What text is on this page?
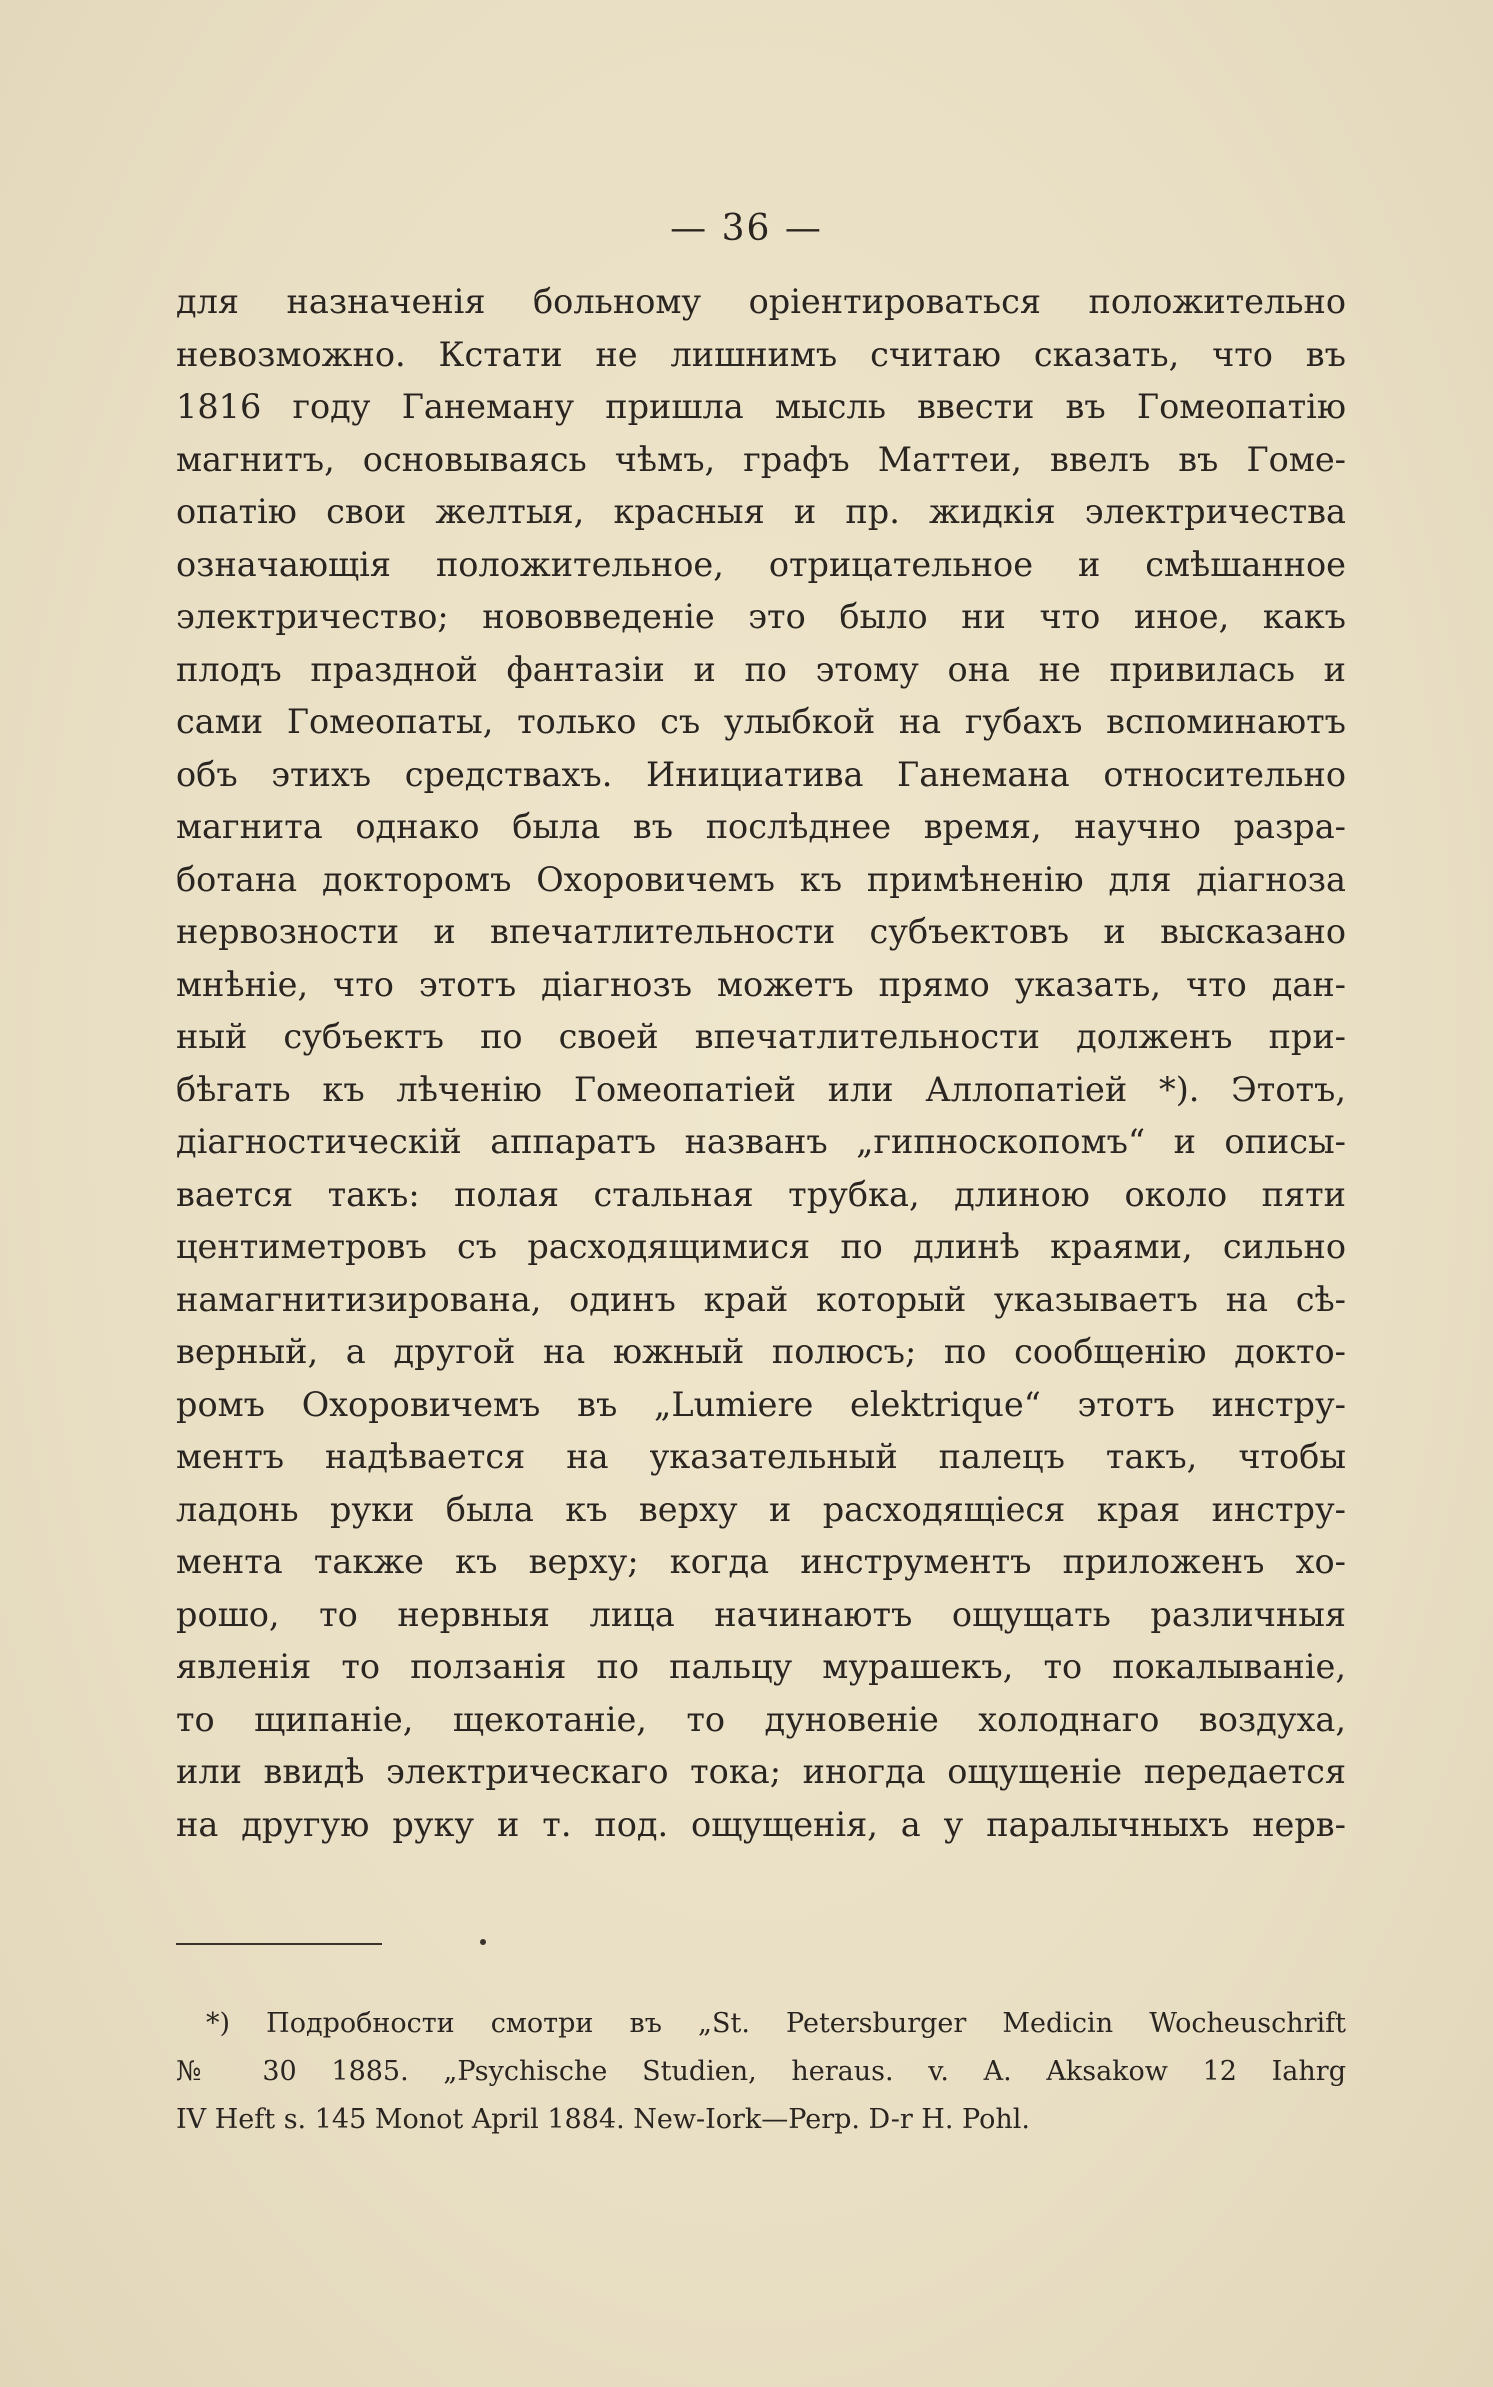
— 36 —
для назначенія больному оріентироваться положительно
невозможно. Кстати не лишнимъ считаю сказать, что въ
1816 году Ганеману пришла мысль ввести въ Гомеопатію
магнитъ, основываясь чѣмъ, графъ Маттеи, ввелъ въ Гоме-
опатію свои желтыя, красныя и пр. жидкія электричества
означающія положительное, отрицательное и смѣшанное
электричество; нововведеніе это было ни что иное, какъ
плодъ праздной фантазіи и по этому она не привилась и
сами Гомеопаты, только съ улыбкой на губахъ вспоминаютъ
объ этихъ средствахъ. Инициатива Ганемана относительно
магнита однако была въ послѣднее время, научно разра-
ботана докторомъ Охоровичемъ къ примѣненію для діагноза
нервозности и впечатлительности субъектовъ и высказано
мнѣніе, что этотъ діагнозъ можетъ прямо указать, что дан-
ный субъектъ по своей впечатлительности долженъ при-
бѣгать къ лѣченію Гомеопатіей или Аллопатіей *). Этотъ,
діагностическій аппаратъ названъ „гипноскопомъ“ и описы-
вается такъ: полая стальная трубка, длиною около пяти
центиметровъ съ расходящимися по длинѣ краями, сильно
намагнитизирована, одинъ край который указываетъ на сѣ-
верный, а другой на южный полюсъ; по сообщенію докто-
ромъ Охоровичемъ въ „Lumiere elektrique“ этотъ инстру-
ментъ надѣвается на указательный палецъ такъ, чтобы
ладонь руки была къ верху и расходящіеся края инстру-
мента также къ верху; когда инструментъ приложенъ хо-
рошо, то нервныя лица начинаютъ ощущать различныя
явленія то ползанія по пальцу мурашекъ, то покалываніе,
то щипаніе, щекотаніе, то дуновеніе холоднаго воздуха,
или ввидѣ электрическаго тока; иногда ощущеніе передается
на другую руку и т. под. ощущенія, а у паралычныхъ нерв-
*) Подробности смотри въ „St. Petersburger Medicin Wocheuschrift
№ 30 1885. „Psychische Studien, heraus. v. A. Aksakow 12 Iahrg
IV Heft s. 145 Monot April 1884. New-Iork—Perp. D-r H. Pohl.
